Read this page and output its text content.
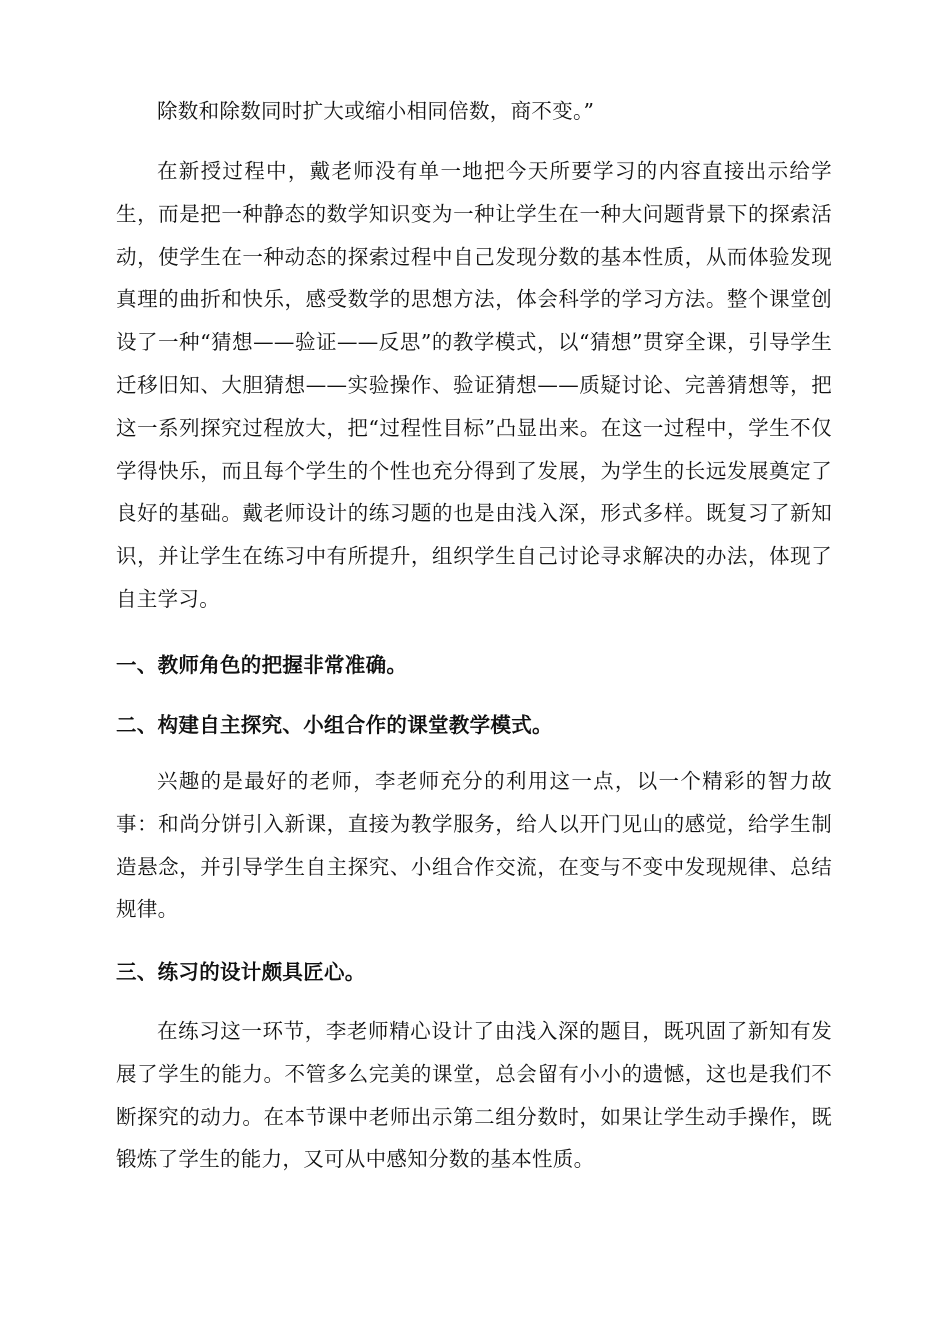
除数和除数同时扩大或缩小相同倍数，商不变。”

在新授过程中，戴老师没有单一地把今天所要学习的内容直接出示给学生，而是把一种静态的数学知识变为一种让学生在一种大问题背景下的探索活动，使学生在一种动态的探索过程中自己发现分数的基本性质，从而体验发现真理的曲折和快乐，感受数学的思想方法，体会科学的学习方法。整个课堂创设了一种“猜想——验证——反思”的教学模式，以“猜想”贯穿全课，引导学生迁移旧知、大胆猜想——实验操作、验证猜想——质疑讨论、完善猜想等，把这一系列探究过程放大，把“过程性目标”凸显出来。在这一过程中，学生不仅学得快乐，而且每个学生的个性也充分得到了发展，为学生的长远发展奠定了良好的基础。戴老师设计的练习题的也是由浅入深，形式多样。既复习了新知识，并让学生在练习中有所提升，组织学生自己讨论寻求解决的办法，体现了自主学习。

一、教师角色的把握非常准确。

二、构建自主探究、小组合作的课堂教学模式。

兴趣的是最好的老师，李老师充分的利用这一点，以一个精彩的智力故事：和尚分饼引入新课，直接为教学服务，给人以开门见山的感觉，给学生制造悬念，并引导学生自主探究、小组合作交流，在变与不变中发现规律、总结规律。

三、练习的设计颇具匠心。

在练习这一环节，李老师精心设计了由浅入深的题目，既巩固了新知有发展了学生的能力。不管多么完美的课堂，总会留有小小的遗憾，这也是我们不断探究的动力。在本节课中老师出示第二组分数时，如果让学生动手操作，既锻炼了学生的能力，又可从中感知分数的基本性质。
